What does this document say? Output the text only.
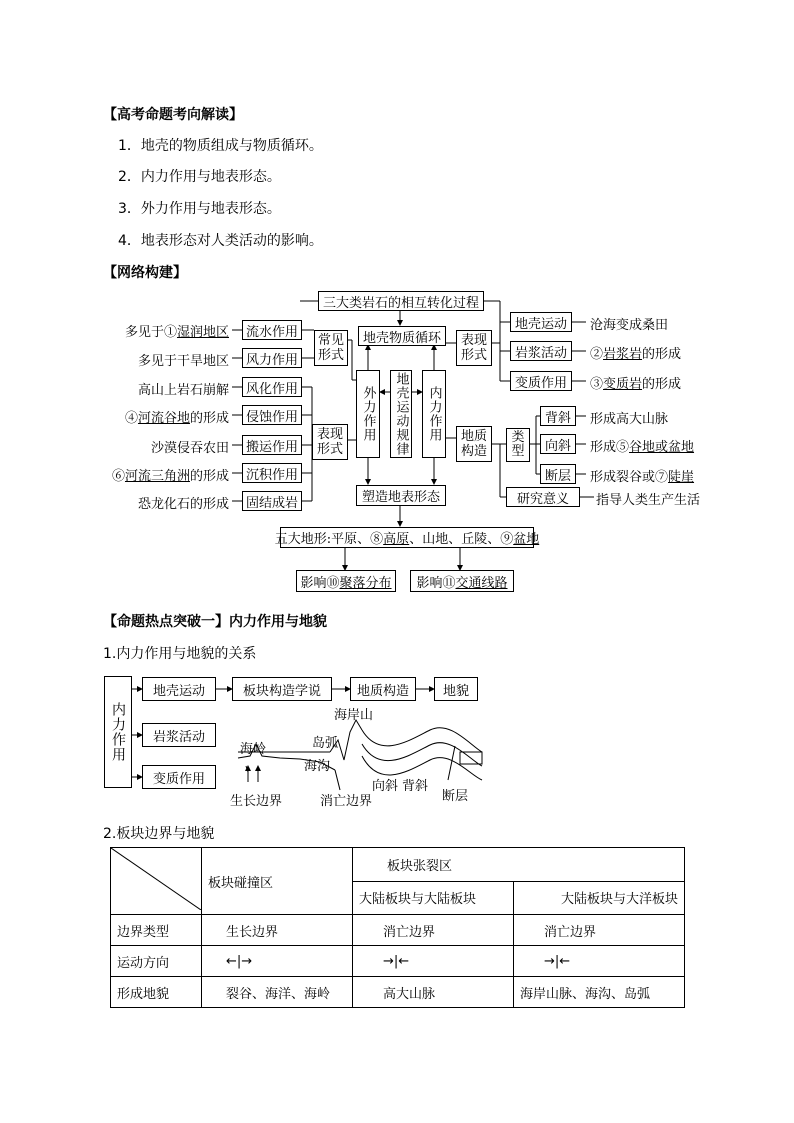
【高考命题考向解读】
1．地壳的物质组成与物质循环。
2．内力作用与地表形态。
3．外力作用与地表形态。
4．地表形态对人类活动的影响。
【网络构建】
三大类岩石的相互转化过程
地壳物质循环
外力作用	地壳运动规律	内力作用
塑造地表形态
五大地形:平原、⑧ 高原 、山地、丘陵、⑨ 盆地
影响⑩ 聚落分布 影响⑪ 交通线路
常见形式
表现形式
流水作用
风力作用
风化作用
侵蚀作用
搬运作用
沉积作用
固结成岩
多见于①湿润地区
多见于干旱地区
高山上岩石崩解
④河流谷地的形成
沙漠侵吞农田
⑥河流三角洲的形成
恐龙化石的形成
表现形式
地壳运动
岩浆活动
变质作用
沧海变成桑田
②岩浆岩的形成
③变质岩的形成
地质构造
类型
背斜
向斜
断层
形成高大山脉
形成⑤谷地或盆地
形成裂谷或⑦陡崖
研究意义	指导人类生产生活
【命题热点突破一】内力作用与地貌
1.内力作用与地貌的关系
内力作用
地壳运动	板块构造学说	地质构造	地貌
岩浆活动
变质作用
海岭	岛弧
海岸山
海沟
生长边界	消亡边界
向斜 背斜
断层
2.板块边界与地貌
	板块碰撞区	板块张裂区	
		大陆板块与大陆板块	大陆板块与大洋板块
边界类型	生长边界	消亡边界	消亡边界
运动方向	←|→	→|←	→|←
形成地貌	裂谷、海洋、海岭	高大山脉	海岸山脉、海沟、岛弧
